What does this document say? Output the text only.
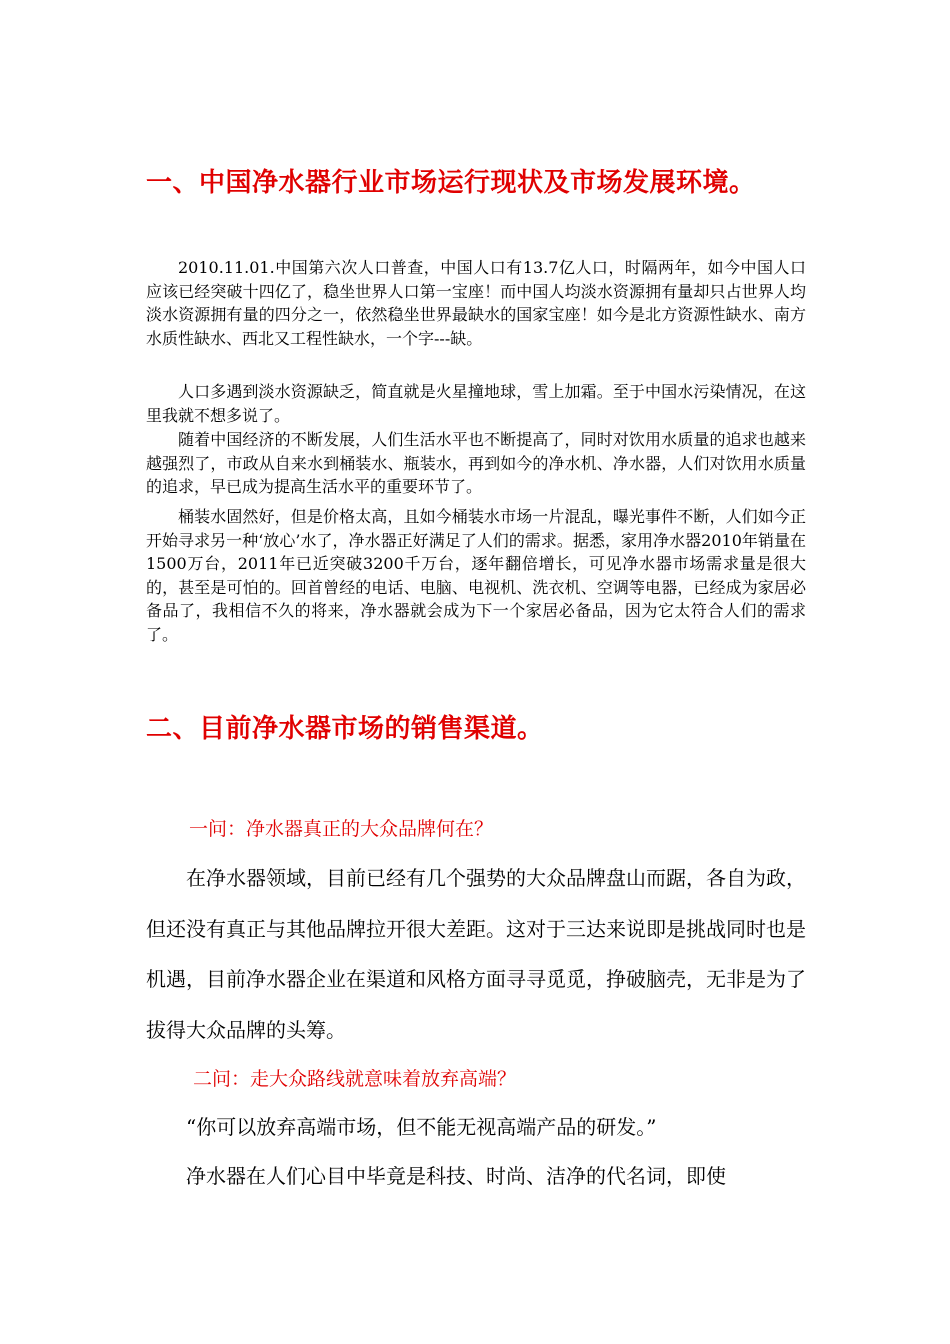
一、中国净水器行业市场运行现状及市场发展环境。

2010.11.01.中国第六次人口普查，中国人口有13.7亿人口，时隔两年，如今中国人口应该已经突破十四亿了，稳坐世界人口第一宝座！而中国人均淡水资源拥有量却只占世界人均淡水资源拥有量的四分之一，依然稳坐世界最缺水的国家宝座！如今是北方资源性缺水、南方水质性缺水、西北又工程性缺水，一个字---缺。

人口多遇到淡水资源缺乏，简直就是火星撞地球，雪上加霜。至于中国水污染情况，在这里我就不想多说了。

随着中国经济的不断发展，人们生活水平也不断提高了，同时对饮用水质量的追求也越来越强烈了，市政从自来水到桶装水、瓶装水，再到如今的净水机、净水器，人们对饮用水质量的追求，早已成为提高生活水平的重要环节了。

桶装水固然好，但是价格太高，且如今桶装水市场一片混乱，曝光事件不断，人们如今正开始寻求另一种‘放心’水了，净水器正好满足了人们的需求。据悉，家用净水器2010年销量在1500万台，2011年已近突破3200千万台，逐年翻倍增长，可见净水器市场需求量是很大的，甚至是可怕的。回首曾经的电话、电脑、电视机、洗衣机、空调等电器，已经成为家居必备品了，我相信不久的将来，净水器就会成为下一个家居必备品，因为它太符合人们的需求了。

二、目前净水器市场的销售渠道。

一问：净水器真正的大众品牌何在？

在净水器领域，目前已经有几个强势的大众品牌盘山而踞，各自为政，但还没有真正与其他品牌拉开很大差距。这对于三达来说即是挑战同时也是机遇，目前净水器企业在渠道和风格方面寻寻觅觅，挣破脑壳，无非是为了拔得大众品牌的头筹。

二问：走大众路线就意味着放弃高端？

“你可以放弃高端市场，但不能无视高端产品的研发。”

净水器在人们心目中毕竟是科技、时尚、洁净的代名词，即使
